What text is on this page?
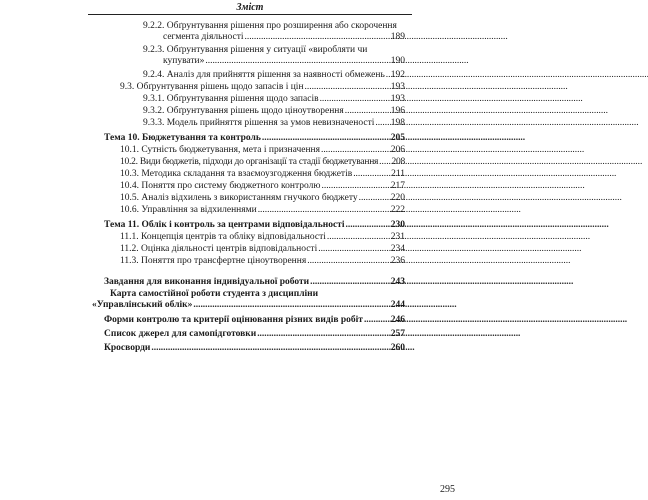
Зміст
9.2.2. Обґрунтування рішення про розширення або скорочення
сегмента діяльності . . .	189
9.2.3. Обґрунтування рішення у ситуації «виробляти чи
купувати» . . .	190
9.2.4. Аналіз для прийняття рішення за наявності обмежень . . . 192
9.3. Обґрунтування рішень щодо запасів і цін . . .	193
9.3.1. Обґрунтування рішення щодо запасів . . .	193
9.3.2. Обґрунтування рішень щодо ціноутворення . . .	196
9.3.3. Модель прийняття рішення за умов невизначеності . . . 198
Тема 10. Бюджетування та контроль . . .	205
10.1. Сутність бюджетування, мета і призначення . . .	206
10.2. Види бюджетів, підходи до організації та стадії бюджетування . . . 208
10.3. Методика складання та взаємоузгодження бюджетів . . .	211
10.4. Поняття про систему бюджетного контролю . . .	217
10.5. Аналіз відхилень з використанням гнучкого бюджету . . .	220
10.6. Управління за відхиленнями . . .	222
Тема 11. Облік і контроль за центрами відповідальності . . .	230
11.1. Концепція центрів та обліку відповідальності . . .	231
11.2. Оцінка діяльності центрів відповідальності . . .	234
11.3. Поняття про трансфертне ціноутворення . . .	236
Завдання для виконання індивідуальної роботи . . .	243
Карта самостійної роботи студента з дисципліни
«Управлінський облік» . . .	244
Форми контролю та критерії оцінювання різних видів робіт . . .	246
Список джерел для самопідготовки . . .	257
Кросворди . . .	260
295
